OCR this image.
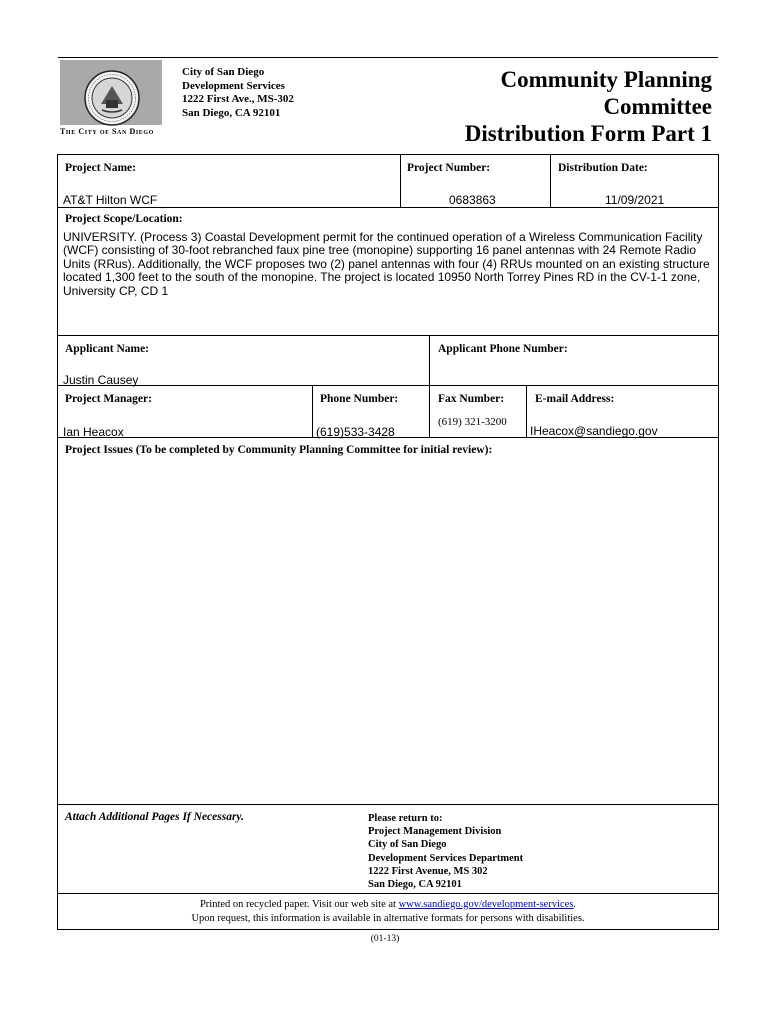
The City of San Diego
City of San Diego
Development Services
1222 First Ave., MS-302
San Diego, CA 92101
Community Planning
Committee
Distribution Form Part 1
Project Name:
AT&T Hilton WCF
Project Number:
0683863
Distribution Date:
11/09/2021
Project Scope/Location:
UNIVERSITY. (Process 3) Coastal Development permit for the continued operation of a Wireless Communication Facility (WCF) consisting of 30-foot rebranched faux pine tree (monopine) supporting 16 panel antennas with 24 Remote Radio Units (RRus). Additionally, the WCF proposes two (2) panel antennas with four (4) RRUs mounted on an existing structure located 1,300 feet to the south of the monopine. The project is located 10950 North Torrey Pines RD in the CV-1-1 zone, University CP, CD 1
Applicant Name:
Justin Causey
Applicant Phone Number:
Project Manager:
Ian Heacox
Phone Number:
(619)533-3428
Fax Number:
(619) 321-3200
E-mail Address:
IHeacox@sandiego.gov
Project Issues (To be completed by Community Planning Committee for initial review):
Attach Additional Pages If Necessary.	Please return to:
Project Management Division
City of San Diego
Development Services Department
1222 First Avenue, MS 302
San Diego, CA 92101
Printed on recycled paper. Visit our web site at www.sandiego.gov/development-services.
Upon request, this information is available in alternative formats for persons with disabilities.
(01-13)
